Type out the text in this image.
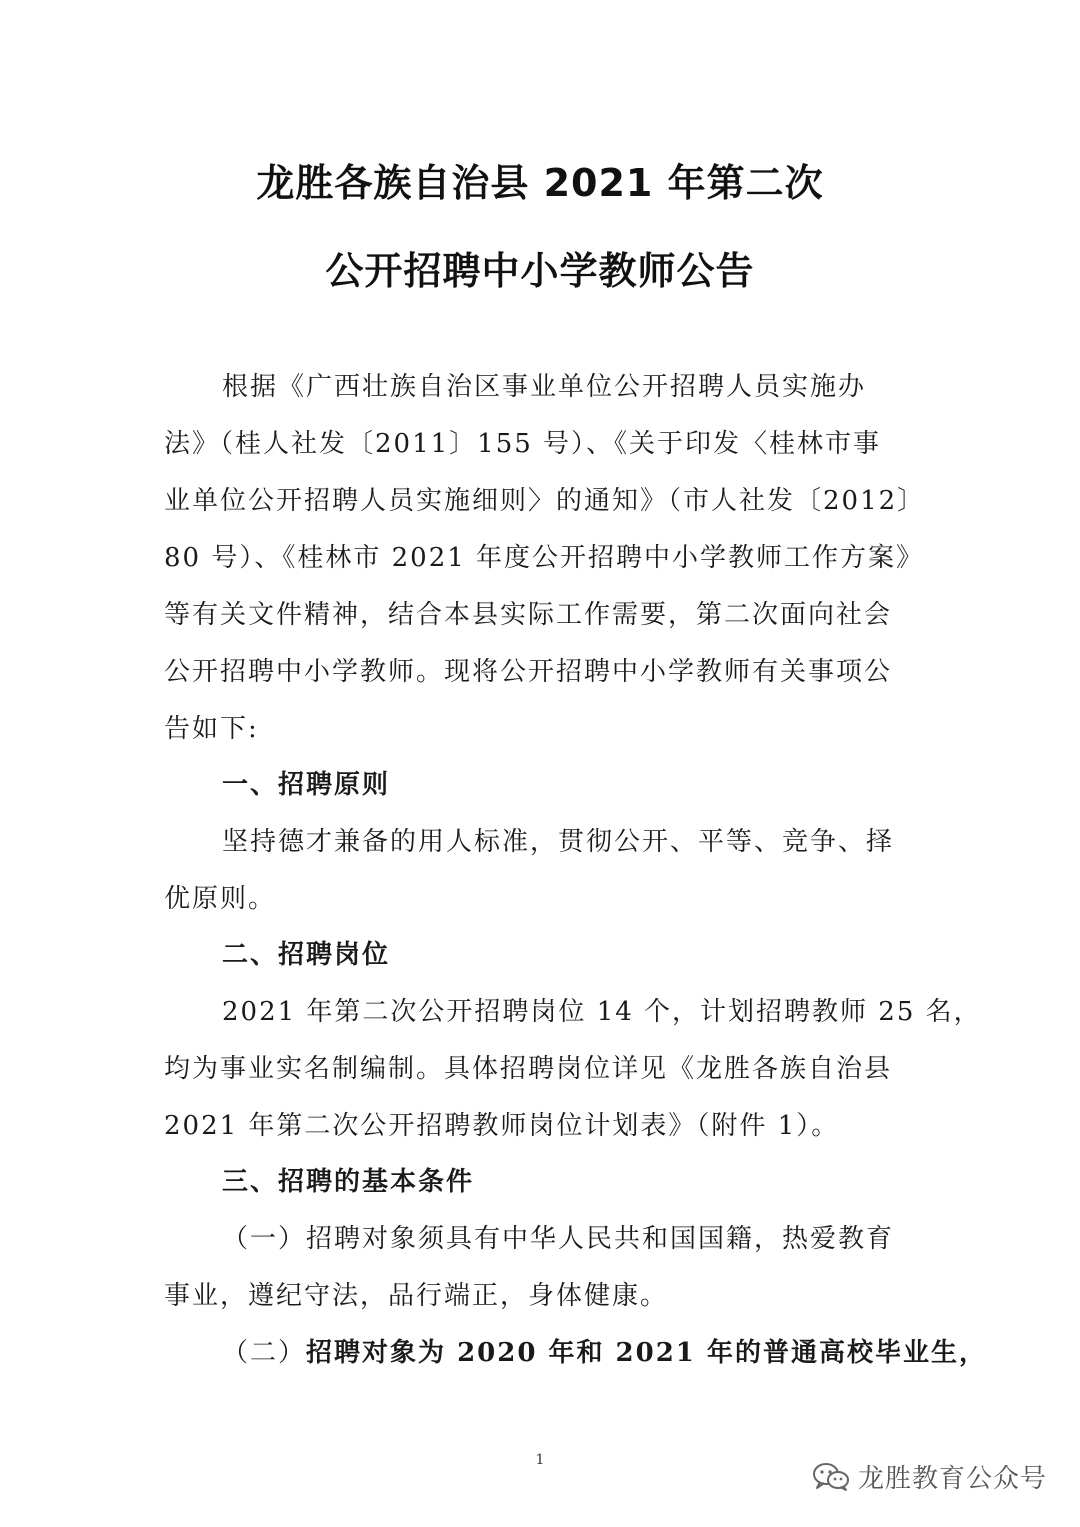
龙胜各族自治县 2021 年第二次
公开招聘中小学教师公告
根据《广西壮族自治区事业单位公开招聘人员实施办
法》（桂人社发〔2011〕155 号）、《关于印发〈桂林市事
业单位公开招聘人员实施细则〉的通知》（市人社发〔2012〕
80 号）、《桂林市 2021 年度公开招聘中小学教师工作方案》
等有关文件精神，结合本县实际工作需要，第二次面向社会
公开招聘中小学教师。现将公开招聘中小学教师有关事项公
告如下:
一、招聘原则
坚持德才兼备的用人标准，贯彻公开、平等、竞争、择
优原则。
二、招聘岗位
2021 年第二次公开招聘岗位 14 个，计划招聘教师 25 名，
均为事业实名制编制。具体招聘岗位详见《龙胜各族自治县
2021 年第二次公开招聘教师岗位计划表》（附件 1）。
三、招聘的基本条件
（一）招聘对象须具有中华人民共和国国籍，热爱教育
事业，遵纪守法，品行端正，身体健康。
（二）招聘对象为 2020 年和 2021 年的普通高校毕业生，
1
龙胜教育公众号
